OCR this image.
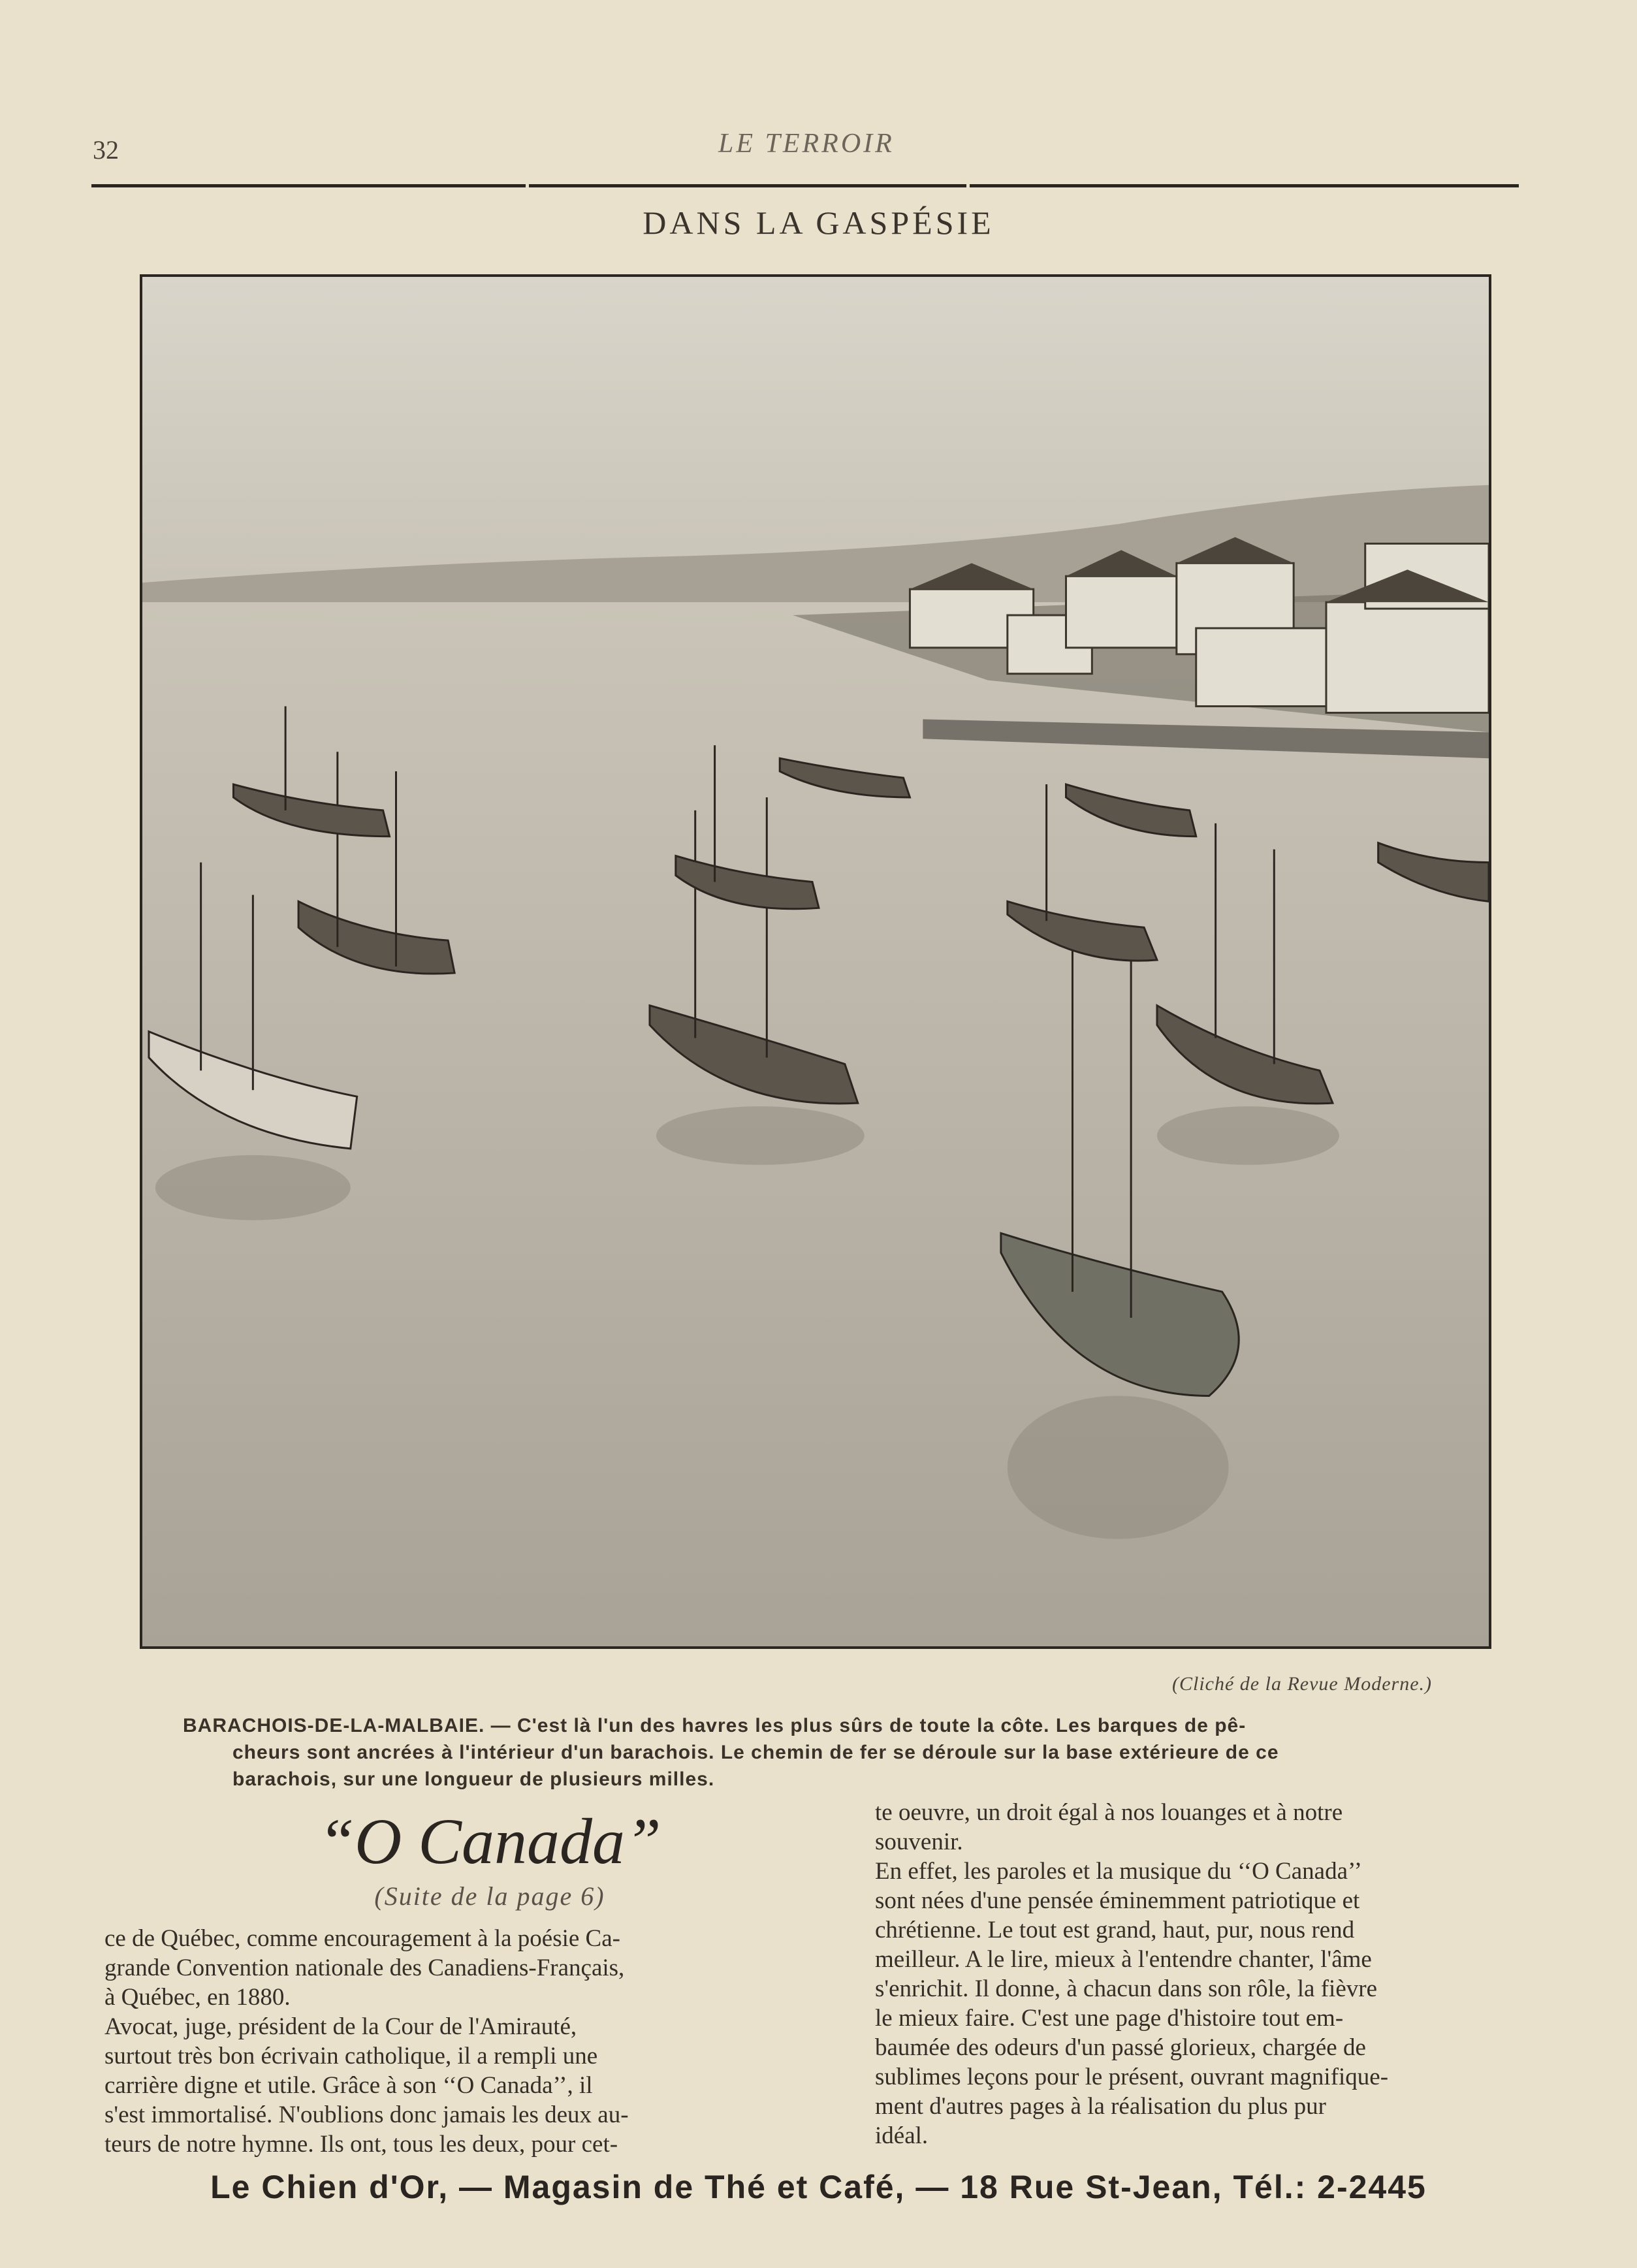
32	LE TERROIR
DANS LA GASPÉSIE
(Cliché de la Revue Moderne.)
BARACHOIS-DE-LA-MALBAIE. — C'est là l'un des havres les plus sûrs de toute la côte. Les barques de pê-
cheurs sont ancrées à l'intérieur d'un barachois. Le chemin de fer se déroule sur la base extérieure de ce
barachois, sur une longueur de plusieurs milles.
“O Canada”
(Suite de la page 6)
ce de Québec, comme encouragement à la poésie Ca-
grande Convention nationale des Canadiens-Français,
à Québec, en 1880.
Avocat, juge, président de la Cour de l'Amirauté,
surtout très bon écrivain catholique, il a rempli une
carrière digne et utile. Grâce à son ‘‘O Canada’’, il
s'est immortalisé. N'oublions donc jamais les deux au-
teurs de notre hymne. Ils ont, tous les deux, pour cet-
te oeuvre, un droit égal à nos louanges et à notre
souvenir.
En effet, les paroles et la musique du ‘‘O Canada’’
sont nées d'une pensée éminemment patriotique et
chrétienne. Le tout est grand, haut, pur, nous rend
meilleur. A le lire, mieux à l'entendre chanter, l'âme
s'enrichit. Il donne, à chacun dans son rôle, la fièvre
le mieux faire. C'est une page d'histoire tout em-
baumée des odeurs d'un passé glorieux, chargée de
sublimes leçons pour le présent, ouvrant magnifique-
ment d'autres pages à la réalisation du plus pur
idéal.
Le Chien d'Or, — Magasin de Thé et Café, — 18 Rue St-Jean, Tél.: 2-2445
